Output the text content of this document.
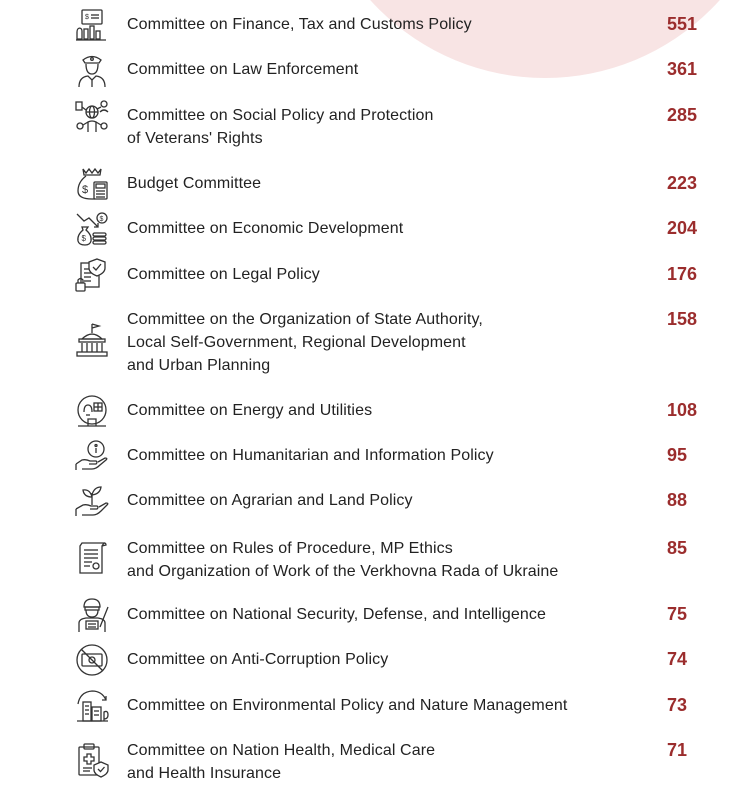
$ Committee on Finance, Tax and Customs Policy	551
Committee on Law Enforcement	361
Committee on Social Policy and Protection
of Veterans' Rights
285
$ Budget Committee	223
$
$
Committee on Economic Development	204
Committee on Legal Policy	176
Committee on the Organization of State Authority,
Local Self-Government, Regional Development
and Urban Planning
158
Committee on Energy and Utilities	108
Committee on Humanitarian and Information Policy	95
Committee on Agrarian and Land Policy	88
Committee on Rules of Procedure, MP Ethics
and Organization of Work of the Verkhovna Rada of Ukraine
85
Committee on National Security, Defense, and Intelligence	75
Committee on Anti-Corruption Policy	74
Committee on Environmental Policy and Nature Management	73
Committee on Nation Health, Medical Care
and Health Insurance
71
